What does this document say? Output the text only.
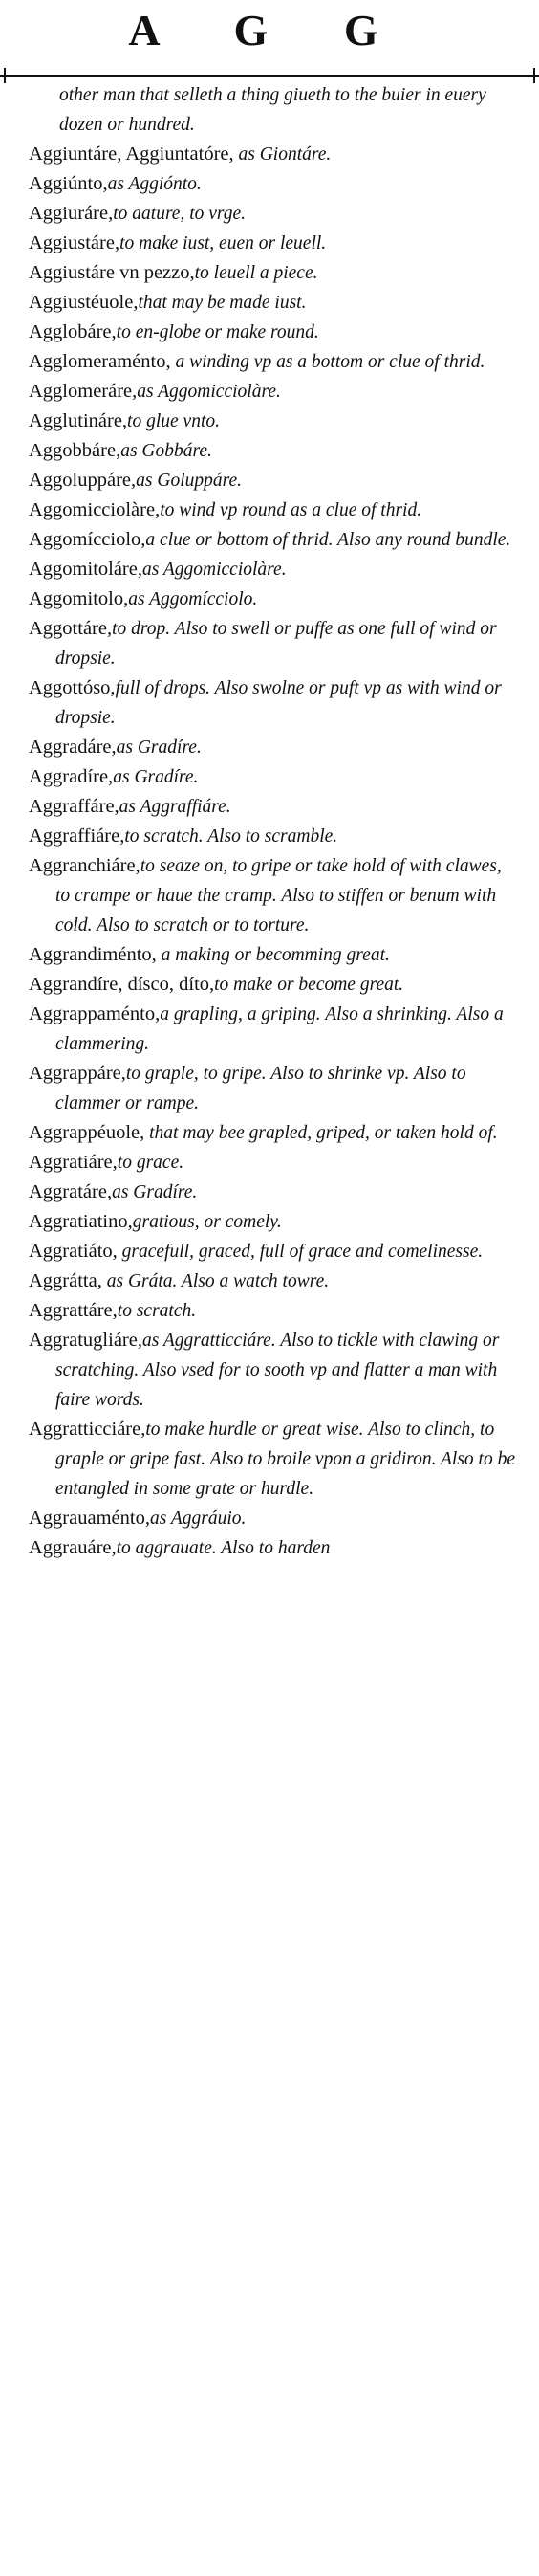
A G G

other man that selleth a thing giueth to the buier in euery dozen or hundred.

Aggiuntáre, Aggiuntatóre, as Giontáre.

Aggiúnto,as Aggiónto.

Aggiuráre,to aature, to vrge.

Aggiustáre,to make iust, euen or leuell.

Aggiustáre vn pezzo,to leuell a piece.

Aggiustéuole,that may be made iust.

Agglobáre,to en-globe or make round.

Agglomeraménto, a winding vp as a bottom or clue of thrid.

Agglomeráre,as Aggomicciolàre.

Agglutináre,to glue vnto.

Aggobbáre,as Gobbáre.

Aggoluppáre,as Goluppáre.

Aggomicciolàre,to wind vp round as a clue of thrid.

Aggomícciolo,a clue or bottom of thrid. Also any round bundle.

Aggomitoláre,as Aggomicciolàre.

Aggomitolo,as Aggomícciolo.

Aggottáre,to drop. Also to swell or puffe as one full of wind or dropsie.

Aggottóso,full of drops. Also swolne or puft vp as with wind or dropsie.

Aggradáre,as Gradíre.

Aggradíre,as Gradíre.

Aggraffáre,as Aggraffiáre.

Aggraffiáre,to scratch. Also to scramble.

Aggranchiáre,to seaze on, to gripe or take hold of with clawes, to crampe or haue the cramp. Also to stiffen or benum with cold. Also to scratch or to torture.

Aggrandiménto, a making or becomming great.

Aggrandíre, dísco, díto,to make or become great.

Aggrappaménto,a grapling, a griping. Also a shrinking. Also a clammering.

Aggrappáre,to graple, to gripe. Also to shrinke vp. Also to clammer or rampe.

Aggrappéuole, that may bee grapled, griped, or taken hold of.

Aggratiáre,to grace.

Aggratáre,as Gradíre.

Aggratiatino,gratious, or comely.

Aggratiáto, gracefull, graced, full of grace and comelinesse.

Aggrátta, as Gráta. Also a watch towre.

Aggrattáre,to scratch.

Aggratugliáre,as Aggratticciáre. Also to tickle with clawing or scratching. Also vsed for to sooth vp and flatter a man with faire words.

Aggratticciáre,to make hurdle or great wise. Also to clinch, to graple or gripe fast. Also to broile vpon a gridiron. Also to be entangled in some grate or hurdle.

Aggrauaménto,as Aggráuio.

Aggrauáre,to aggrauate. Also to harden
